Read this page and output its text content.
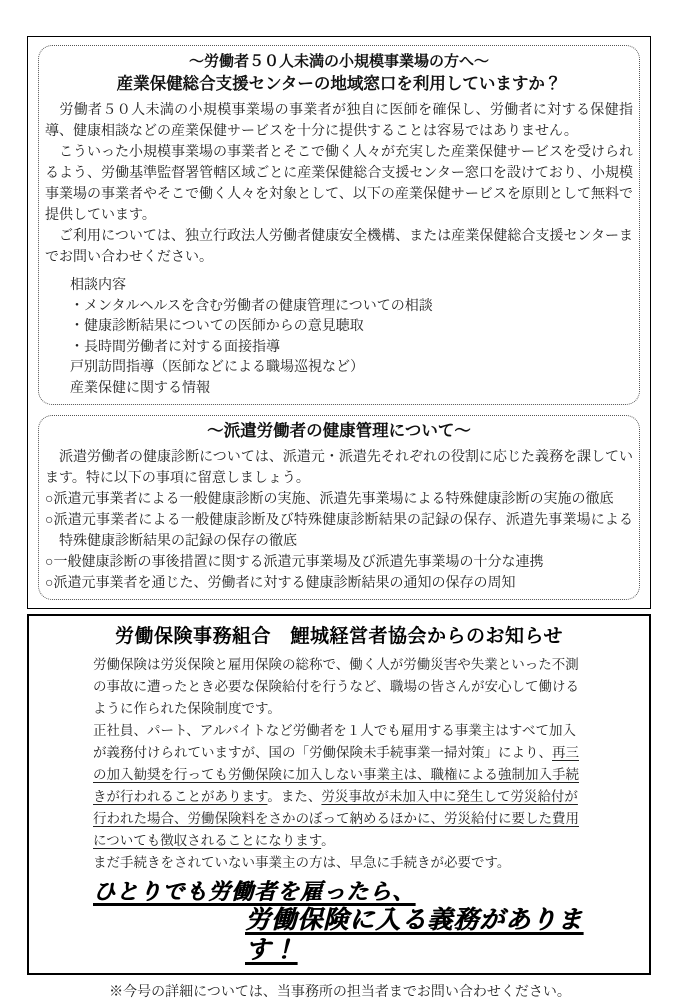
～労働者５０人未満の小規模事業場の方へ～
産業保健総合支援センターの地域窓口を利用していますか？

　労働者５０人未満の小規模事業場の事業者が独自に医師を確保し、労働者に対する保健指導、健康相談などの産業保健サービスを十分に提供することは容易ではありません。

　こういった小規模事業場の事業者とそこで働く人々が充実した産業保健サービスを受けられるよう、労働基準監督署管轄区域ごとに産業保健総合支援センター窓口を設けており、小規模事業場の事業者やそこで働く人々を対象として、以下の産業保健サービスを原則として無料で提供しています。

　ご利用については、独立行政法人労働者健康安全機構、または産業保健総合支援センターまでお問い合わせください。

相談内容
・メンタルヘルスを含む労働者の健康管理についての相談
・健康診断結果についての医師からの意見聴取
・長時間労働者に対する面接指導
戸別訪問指導（医師などによる職場巡視など）
産業保健に関する情報
～派遣労働者の健康管理について～

　派遣労働者の健康診断については、派遣元・派遣先それぞれの役割に応じた義務を課しています。特に以下の事項に留意しましょう。

○派遣元事業者による一般健康診断の実施、派遣先事業場による特殊健康診断の実施の徹底

○派遣元事業者による一般健康診断及び特殊健康診断結果の記録の保存、派遣先事業場による特殊健康診断結果の記録の保存の徹底

○一般健康診断の事後措置に関する派遣元事業場及び派遣先事業場の十分な連携

○派遣元事業者を通じた、労働者に対する健康診断結果の通知の保存の周知

労働保険事務組合　鯉城経営者協会からのお知らせ

労働保険は労災保険と雇用保険の総称で、働く人が労働災害や失業といった不測の事故に遭ったとき必要な保険給付を行うなど、職場の皆さんが安心して働けるように作られた保険制度です。

正社員、パート、アルバイトなど労働者を１人でも雇用する事業主はすべて加入が義務付けられていますが、国の「労働保険未手続事業一掃対策」により、再三の加入勧奨を行っても労働保険に加入しない事業主は、職権による強制加入手続きが行われることがあります。また、労災事故が未加入中に発生して労災給付が行われた場合、労働保険料をさかのぼって納めるほかに、労災給付に要した費用についても徴収されることになります。

まだ手続きをされていない事業主の方は、早急に手続きが必要です。

ひとりでも労働者を雇ったら、
労働保険に入る義務があります！
※今号の詳細については、当事務所の担当者までお問い合わせください。
